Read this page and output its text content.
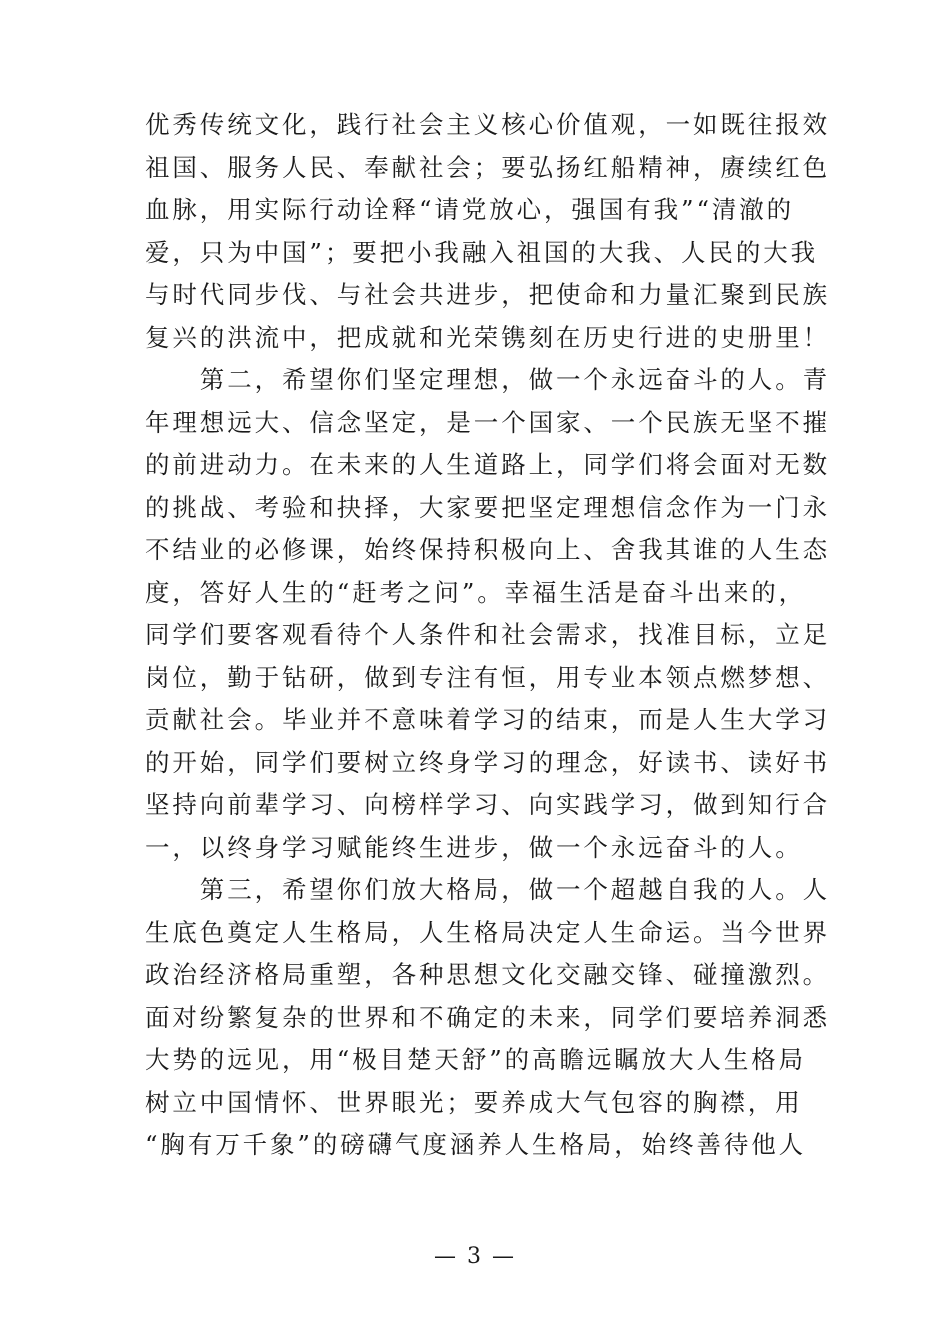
优秀传统文化，践行社会主义核心价值观，一如既往报效
祖国、服务人民、奉献社会；要弘扬红船精神，赓续红色
血脉，用实际行动诠释“请党放心，强国有我”“清澈的
爱，只为中国”；要把小我融入祖国的大我、人民的大我
与时代同步伐、与社会共进步，把使命和力量汇聚到民族
复兴的洪流中，把成就和光荣镌刻在历史行进的史册里！
　　第二，希望你们坚定理想，做一个永远奋斗的人。青
年理想远大、信念坚定，是一个国家、一个民族无坚不摧
的前进动力。在未来的人生道路上，同学们将会面对无数
的挑战、考验和抉择，大家要把坚定理想信念作为一门永
不结业的必修课，始终保持积极向上、舍我其谁的人生态
度，答好人生的“赶考之问”。幸福生活是奋斗出来的，
同学们要客观看待个人条件和社会需求，找准目标，立足
岗位，勤于钻研，做到专注有恒，用专业本领点燃梦想、
贡献社会。毕业并不意味着学习的结束，而是人生大学习
的开始，同学们要树立终身学习的理念，好读书、读好书
坚持向前辈学习、向榜样学习、向实践学习，做到知行合
一，以终身学习赋能终生进步，做一个永远奋斗的人。
　　第三，希望你们放大格局，做一个超越自我的人。人
生底色奠定人生格局，人生格局决定人生命运。当今世界
政治经济格局重塑，各种思想文化交融交锋、碰撞激烈。
面对纷繁复杂的世界和不确定的未来，同学们要培养洞悉
大势的远见，用“极目楚天舒”的高瞻远瞩放大人生格局
树立中国情怀、世界眼光；要养成大气包容的胸襟，用
“胸有万千象”的磅礴气度涵养人生格局，始终善待他人
— 3 —
